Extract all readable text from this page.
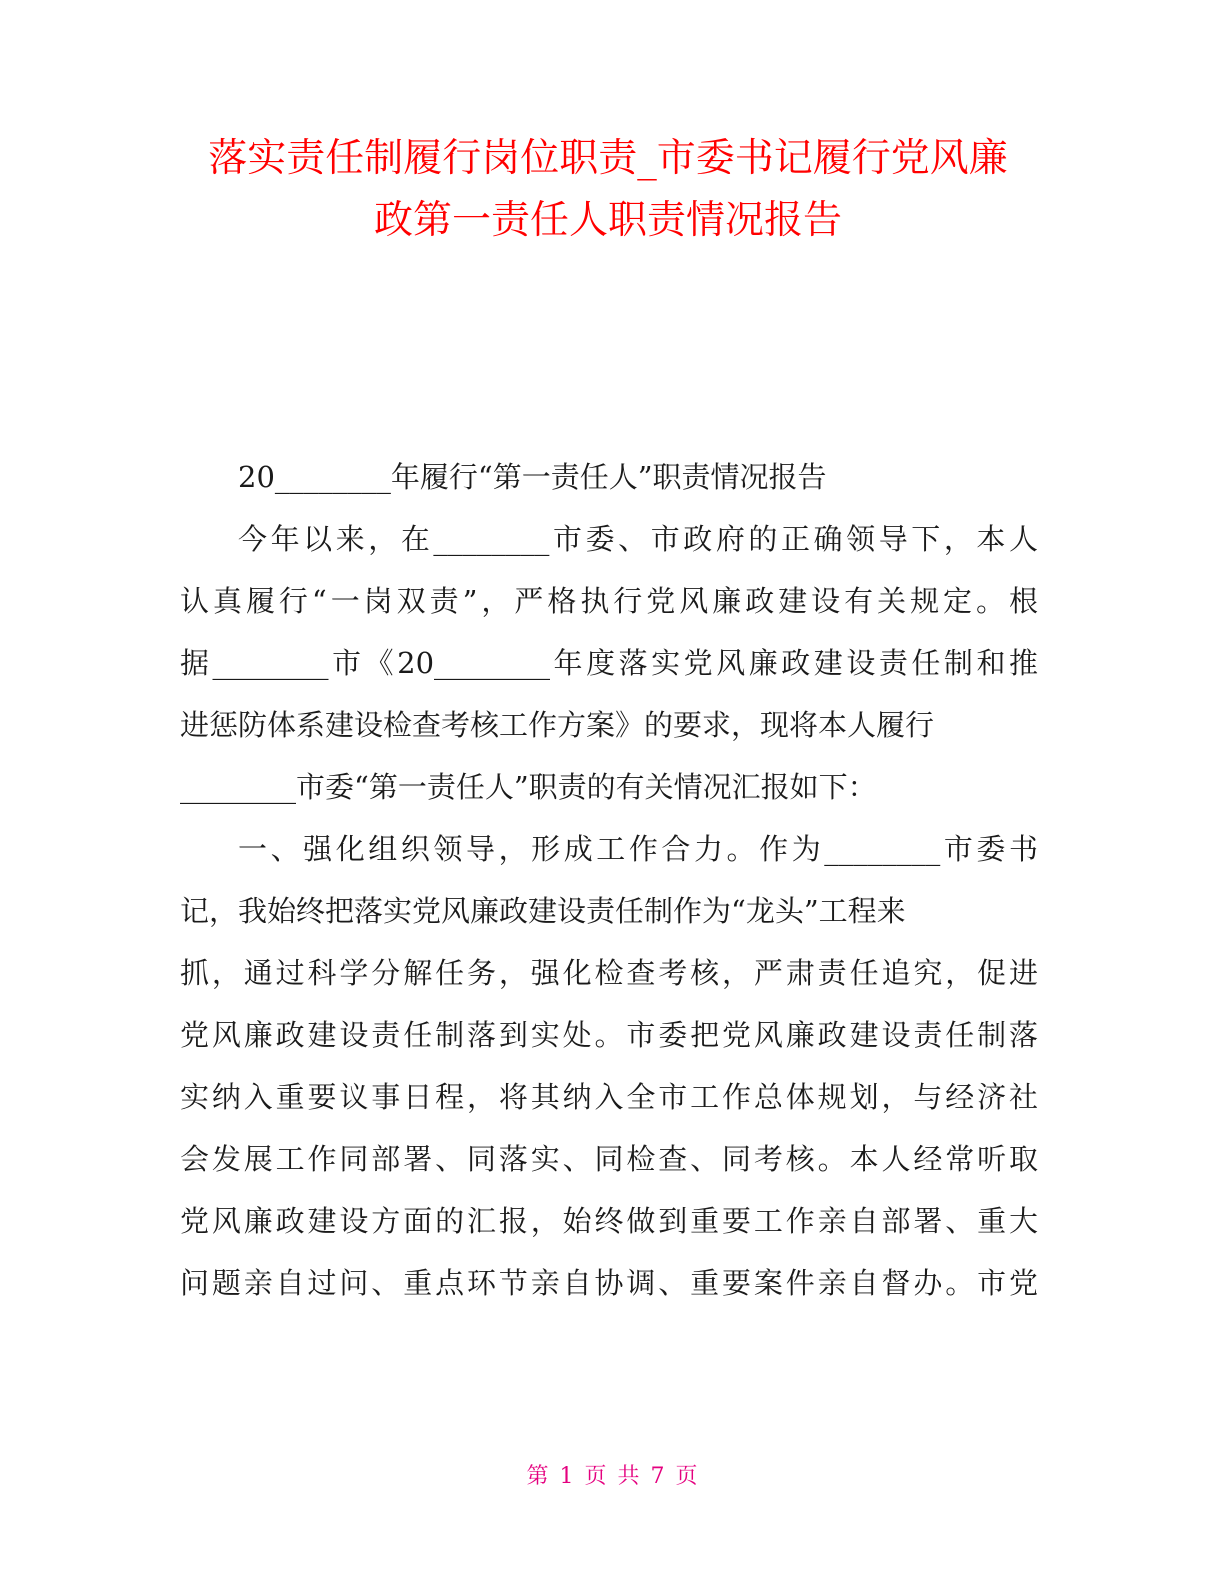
落实责任制履行岗位职责_市委书记履行党风廉
政第一责任人职责情况报告
20________年履行“第一责任人”职责情况报告
今年以来，在________市委、市政府的正确领导下，本人
认真履行“一岗双责”，严格执行党风廉政建设有关规定。根
据________市《20________年度落实党风廉政建设责任制和推
进惩防体系建设检查考核工作方案》的要求，现将本人履行
________市委“第一责任人”职责的有关情况汇报如下：
一、强化组织领导，形成工作合力。作为________市委书
记，我始终把落实党风廉政建设责任制作为“龙头”工程来
抓，通过科学分解任务，强化检查考核，严肃责任追究，促进
党风廉政建设责任制落到实处。市委把党风廉政建设责任制落
实纳入重要议事日程，将其纳入全市工作总体规划，与经济社
会发展工作同部署、同落实、同检查、同考核。本人经常听取
党风廉政建设方面的汇报，始终做到重要工作亲自部署、重大
问题亲自过问、重点环节亲自协调、重要案件亲自督办。市党
第 1 页 共 7 页
